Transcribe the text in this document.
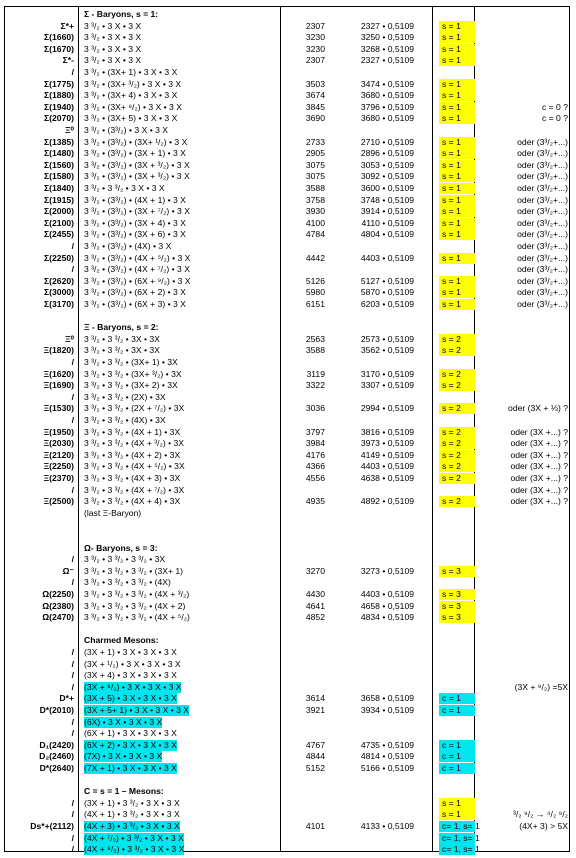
Σ - Baryons, s = 1:
Σ*+ 3 ³/₂ • 3 X • 3 X	2307	2327 • 0,5109	s = 1
Σ(1660) 3 ³/₂ • 3 X • 3 X	3230	3250 • 0,5109	s = 1
Σ(1670) 3 ³/₂ • 3 X • 3 X	3230	3268 • 0,5109	s = 1
Σ*- 3 ³/₂ • 3 X • 3 X	2307	2327 • 0,5109	s = 1
/ 3 ³/₂ • (3X+ 1) • 3 X • 3 X
Σ(1775) 3 ³/₂ • (3X+ ³/₂) • 3 X • 3 X	3503	3474 • 0,5109	s = 1
Σ(1880) 3 ³/₂ • (3X+ 4) • 3 X • 3 X	3674	3680 • 0,5109	s = 1
Σ(1940) 3 ³/₂ • (3X+ ⁹/₂) • 3 X • 3 X	3845	3796 • 0,5109	s = 1	c = 0 ?
Σ(2070) 3 ³/₂ • (3X+ 5) • 3 X • 3 X	3690	3680 • 0,5109	s = 1	c = 0 ?
Ξ⁰ 3 ³/₂ • (3³/₂) • 3 X • 3 X
Σ(1385) 3 ³/₂ • (3³/₂) • (3X+ ¹/₂) • 3 X	2733	2710 • 0,5109	s = 1	oder (3³/₂+...)
Σ(1480) 3 ³/₂ • (3³/₂) • (3X + 1) • 3 X	2905	2896 • 0,5109	s = 1	oder (3³/₂+...)
Σ(1560) 3 ³/₂ • (3³/₂) • (3X + ³/₂) • 3 X	3075	3053 • 0,5109	s = 1	oder (3³/₂+...)
Σ(1580) 3 ³/₂ • (3³/₂) • (3X + ³/₂) • 3 X	3075	3092 • 0,5109	s = 1	oder (3³/₂+...)
Σ(1840) 3 ³/₂ • 3 ³/₂ • 3 X • 3 X	3588	3600 • 0,5109	s = 1	oder (3³/₂+...)
Σ(1915) 3 ³/₂ • (3³/₂) • (4X + 1) • 3 X	3758	3748 • 0,5109	s = 1	oder (3³/₂+...)
Σ(2000) 3 ³/₂ • (3³/₂) • (3X + ⁷/₂) • 3 X	3930	3914 • 0,5109	s = 1	oder (3³/₂+...)
Σ(2100) 3 ³/₂ • (3³/₂) • (3X + 4) • 3 X	4100	4110 • 0,5109	s = 1	oder (3³/₂+...)
Σ(2455) 3 ³/₂ • (3³/₂) • (3X + 6) • 3 X	4784	4804 • 0,5109	s = 1	oder (3³/₂+...)
/ 3 ³/₂ • (3³/₂) • (4X) • 3 X	oder (3³/₂+...)
Σ(2250) 3 ³/₂ • (3³/₂) • (4X + ⁵/₂) • 3 X	4442	4403 • 0,5109	s = 1	oder (3³/₂+...)
/ 3 ³/₂ • (3³/₂) • (4X + ⁷/₂) • 3 X	oder (3³/₂+...)
Σ(2620) 3 ³/₂ • (3³/₂) • (6X + ⁹/₂) • 3 X	5126	5127 • 0,5109	s = 1	oder (3³/₂+...)
Σ(3000) 3 ³/₂ • (3³/₂) • (6X + 2) • 3 X	5980	5870 • 0,5109	s = 1	oder (3³/₂+...)
Σ(3170) 3 ³/₂ • (3³/₂) • (6X + 3) • 3 X	6151	6203 • 0,5109	s = 1	oder (3³/₂+...)
Ξ - Baryons, s = 2:
Ξ⁰ 3 ³/₂ • 3 ³/₂ • 3X • 3X	2563	2573 • 0,5109	s = 2
Ξ(1820) 3 ³/₂ • 3 ³/₂ • 3X • 3X	3588	3562 • 0,5109	s = 2
/ 3 ³/₂ • 3 ³/₂ • (3X+ 1) • 3X
Ξ(1620) 3 ³/₂ • 3 ³/₂ • (3X+ ³/₂) • 3X	3119	3170 • 0,5109	s = 2
Ξ(1690) 3 ³/₂ • 3 ³/₂ • (3X+ 2) • 3X	3322	3307 • 0,5109	s = 2
/ 3 ³/₂ • 3 ³/₂ • (2X) • 3X
Ξ(1530) 3 ³/₂ • 3 ³/₂ • (2X + ⁷/₂) • 3X	3036	2994 • 0,5109	s = 2	oder (3X + ⅓) ?
/ 3 ³/₂ • 3 ³/₂ • (4X) • 3X
Ξ(1950) 3 ³/₂ • 3 ³/₂ • (4X + 1) • 3X	3797	3816 • 0,5109	s = 2	oder (3X +...) ?
Ξ(2030) 3 ³/₂ • 3 ³/₂ • (4X + ³/₂) • 3X	3984	3973 • 0,5109	s = 2	oder (3X +...) ?
Ξ(2120) 3 ³/₂ • 3 ³/₂ • (4X + 2) • 3X	4176	4149 • 0,5109	s = 2	oder (3X +...) ?
Ξ(2250) 3 ³/₂ • 3 ³/₂ • (4X + ⁵/₂) • 3X	4366	4403 • 0,5109	s = 2	oder (3X +...) ?
Ξ(2370) 3 ³/₂ • 3 ³/₂ • (4X + 3) • 3X	4556	4638 • 0,5109	s = 2	oder (3X +...) ?
/ 3 ³/₂ • 3 ³/₂ • (4X + ⁷/₂) • 3X	oder (3X +...) ?
Ξ(2500) 3 ³/₂ • 3 ³/₂ • (4X + 4) • 3X	4935	4892 • 0,5109	s = 2	oder (3X +...) ?
(last Ξ-Baryon)
Ω- Baryons, s = 3:
/ 3 ³/₂ • 3 ³/₂ • 3 ³/₂ • 3X
Ω⁻ 3 ³/₂ • 3 ³/₂ • 3 ³/₂ • (3X+ 1)	3270	3273 • 0,5109	s = 3
/ 3 ³/₂ • 3 ³/₂ • 3 ³/₂ • (4X)
Ω(2250) 3 ³/₂ • 3 ³/₂ • 3 ³/₂ • (4X + ³/₂)	4430	4403 • 0,5109	s = 3
Ω(2380) 3 ³/₂ • 3 ³/₂ • 3 ³/₂ • (4X + 2)	4641	4658 • 0,5109	s = 3
Ω(2470) 3 ³/₂ • 3 ³/₂ • 3 ³/₂ • (4X + ⁵/₂)	4852	4834 • 0,5109	s = 3
Charmed Mesons:
/ (3X + 1) • 3 X • 3 X • 3 X
/ (3X + ¹/₂) • 3 X • 3 X • 3 X
/ (3X + 4) • 3 X • 3 X • 3 X
/ (3X + ⁹/₂) • 3 X • 3 X • 3 X	(3X + ⁹/₂) =5X
D*+ (3X + 5) • 3 X • 3 X • 3 X	3614	3658 • 0,5109	c = 1
D*(2010) (3X + 5+ 1) • 3 X • 3 X • 3 X	3921	3934 • 0,5109	c = 1
/ (6X) • 3 X • 3 X • 3 X
/ (6X + 1) • 3 X • 3 X • 3 X
D₁(2420) (6X + 2) • 3 X • 3 X • 3 X	4767	4735 • 0,5109	c = 1
D₂(2460) (7X) • 3 X • 3 X • 3 X	4844	4814 • 0,5109	c = 1
D*(2640) (7X + 1) • 3 X • 3 X • 3 X	5152	5166 • 0,5109	c = 1
C = s = 1 – Mesons:
/ (3X + 1) • 3 ³/₂ • 3 X • 3 X	s = 1
/ (4X + 1) • 3 ³/₂ • 3 X • 3 X	s = 1	³/₂ ⁹/₂ → ⁴/₂ ⁹/₂
Ds*+(2112) (4X + 3) • 3 ³/₂ • 3 X • 3 X	4101	4133 • 0,5109	c= 1, s= 1	(4X+ 3) > 5X
/ (4X + ⁷/₂) • 3 ³/₂ • 3 X • 3 X	c= 1, s= 1
/ (4X + ⁹/₂) • 3 ³/₂ • 3 X • 3 X	c= 1, s= 1
